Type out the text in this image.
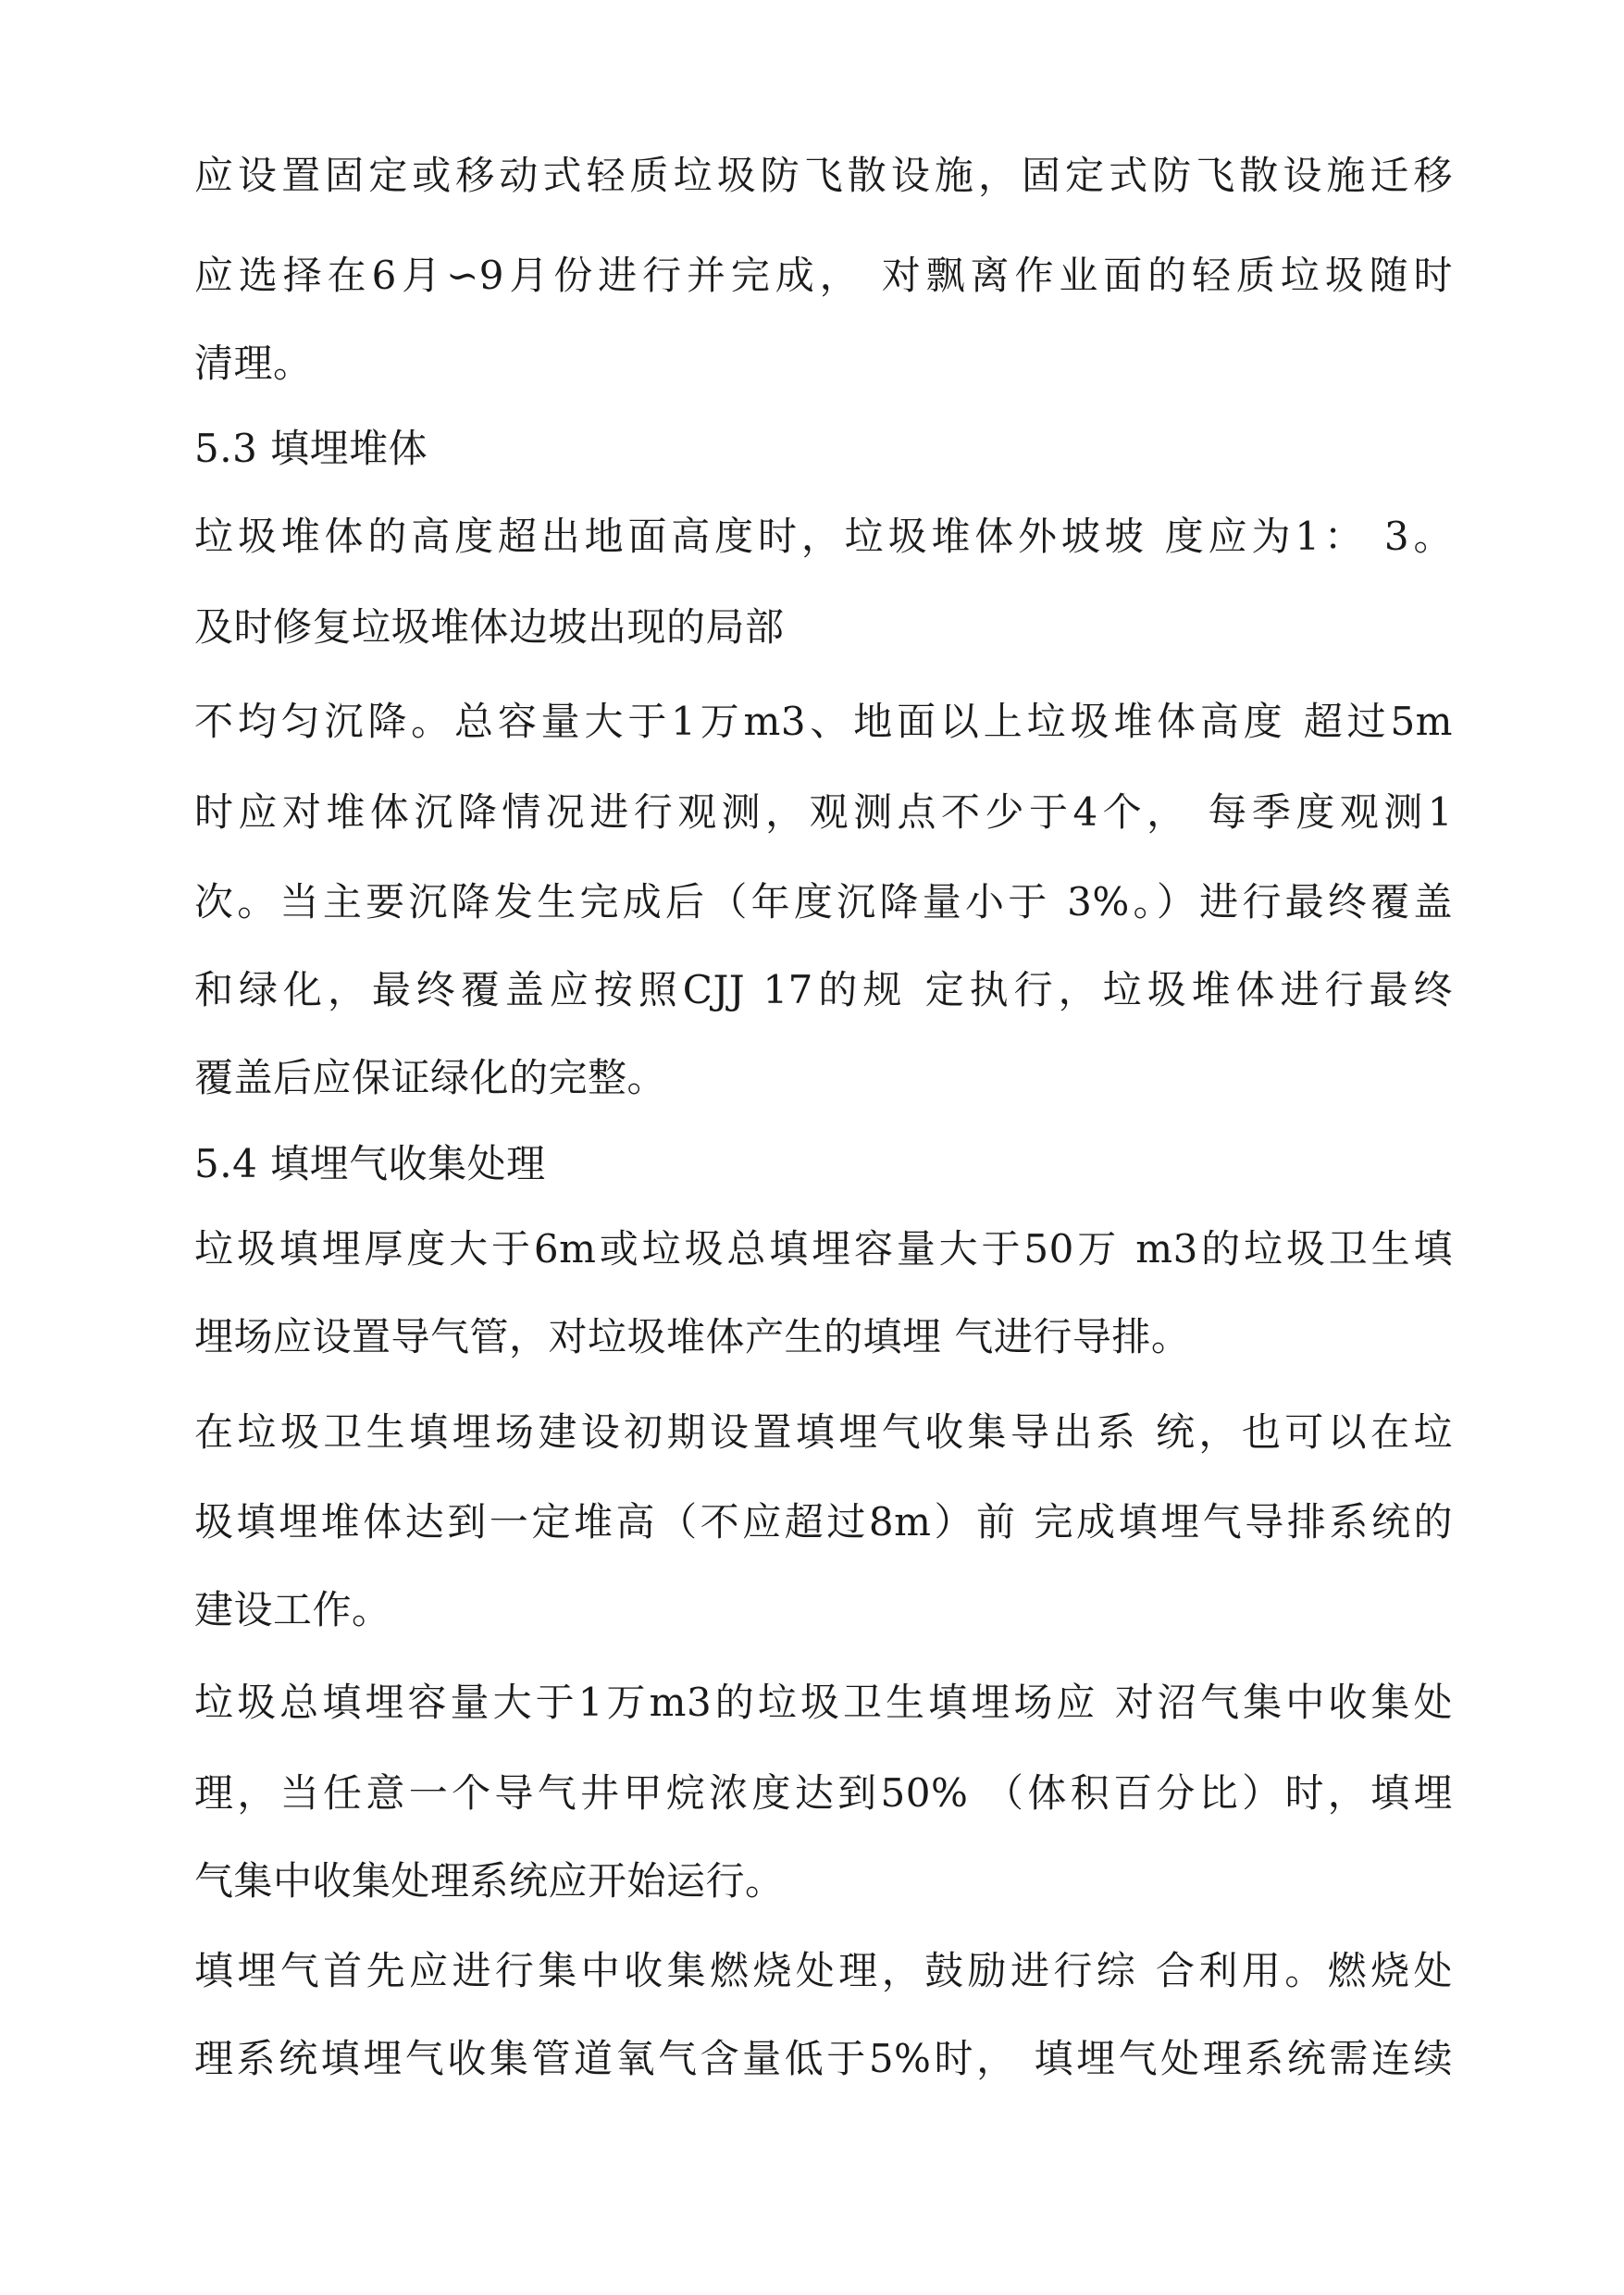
应设置固定或移动式轻质垃圾防飞散设施，固定式防飞散设施迁移
应选择在6月∽9月份进行并完成， 对飘离作业面的轻质垃圾随时
清理。
5.3 填埋堆体
垃圾堆体的高度超出地面高度时，垃圾堆体外坡坡 度应为1： 3。
及时修复垃圾堆体边坡出现的局部
不均匀沉降。总容量大于1万m3、地面以上垃圾堆体高度 超过5m
时应对堆体沉降情况进行观测，观测点不少于4个， 每季度观测1
次。当主要沉降发生完成后（年度沉降量小于 3%。）进行最终覆盖
和绿化，最终覆盖应按照CJJ 17的规 定执行，垃圾堆体进行最终
覆盖后应保证绿化的完整。
5.4 填埋气收集处理
垃圾填埋厚度大于6m或垃圾总填埋容量大于50万 m3的垃圾卫生填
埋场应设置导气管，对垃圾堆体产生的填埋 气进行导排。
在垃圾卫生填埋场建设初期设置填埋气收集导出系 统，也可以在垃
圾填埋堆体达到一定堆高（不应超过8m）前 完成填埋气导排系统的
建设工作。
垃圾总填埋容量大于1万m3的垃圾卫生填埋场应 对沼气集中收集处
理，当任意一个导气井甲烷浓度达到50% （体积百分比）时，填埋
气集中收集处理系统应开始运行。
填埋气首先应进行集中收集燃烧处理，鼓励进行综 合利用。燃烧处
理系统填埋气收集管道氧气含量低于5%时， 填埋气处理系统需连续
